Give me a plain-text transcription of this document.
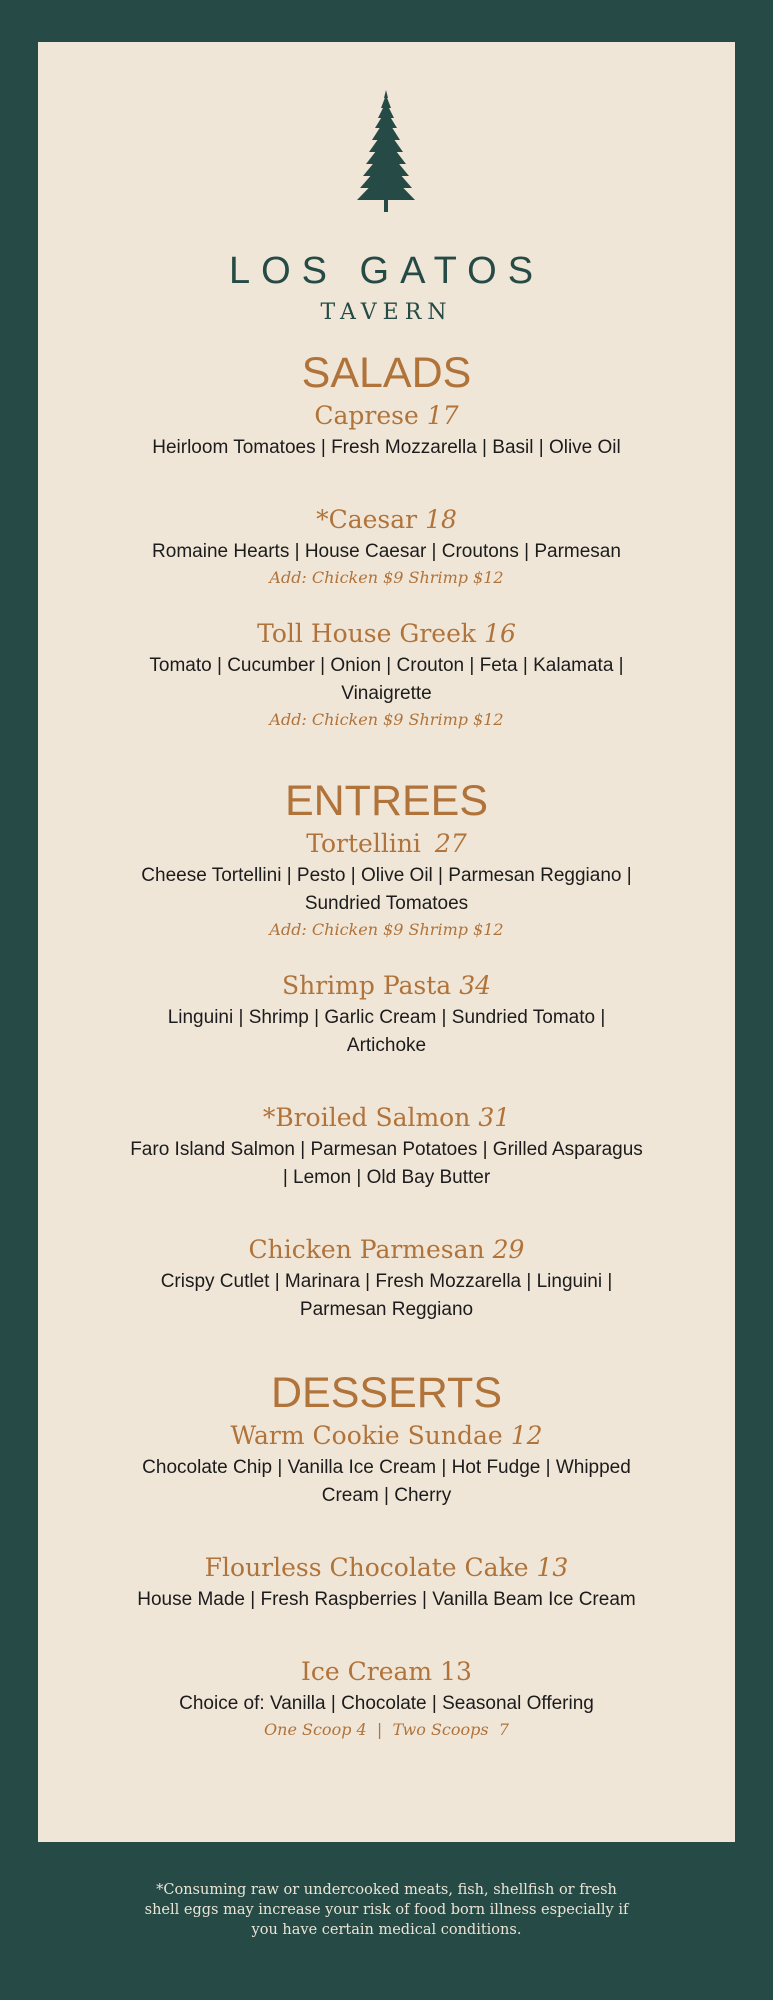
LOS GATOS
TAVERN
SALADS
Caprese 17
Heirloom Tomatoes | Fresh Mozzarella | Basil | Olive Oil
*Caesar 18
Romaine Hearts | House Caesar | Croutons | Parmesan
Add: Chicken $9 Shrimp $12
Toll House Greek 16
Tomato | Cucumber | Onion | Crouton | Feta | Kalamata | Vinaigrette
Add: Chicken $9 Shrimp $12
ENTREES
Tortellini 27
Cheese Tortellini | Pesto | Olive Oil | Parmesan Reggiano | Sundried Tomatoes
Add: Chicken $9 Shrimp $12
Shrimp Pasta 34
Linguini | Shrimp | Garlic Cream | Sundried Tomato | Artichoke
*Broiled Salmon 31
Faro Island Salmon | Parmesan Potatoes | Grilled Asparagus | Lemon | Old Bay Butter
Chicken Parmesan 29
Crispy Cutlet | Marinara | Fresh Mozzarella | Linguini | Parmesan Reggiano
DESSERTS
Warm Cookie Sundae 12
Chocolate Chip | Vanilla Ice Cream | Hot Fudge | Whipped Cream | Cherry
Flourless Chocolate Cake 13
House Made | Fresh Raspberries | Vanilla Beam Ice Cream
Ice Cream 13
Choice of: Vanilla | Chocolate | Seasonal Offering
One Scoop 4  |  Two Scoops  7
*Consuming raw or undercooked meats, fish, shellfish or fresh shell eggs may increase your risk of food born illness especially if you have certain medical conditions.
